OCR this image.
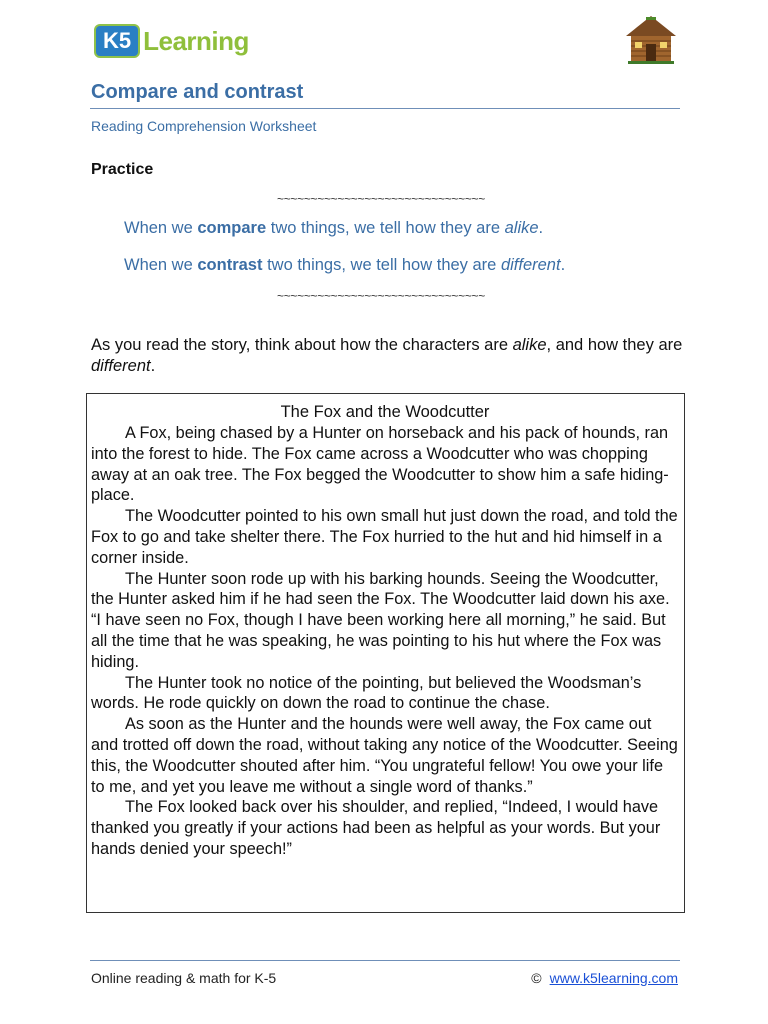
K5 Learning
Compare and contrast
Reading Comprehension Worksheet
Practice
~~~~~~~~~~~~~~~~~~~~~~~~~~~~~~~
When we compare two things, we tell how they are alike.
When we contrast two things, we tell how they are different.
~~~~~~~~~~~~~~~~~~~~~~~~~~~~~~~
As you read the story, think about how the characters are alike, and how they are different.
The Fox and the Woodcutter

A Fox, being chased by a Hunter on horseback and his pack of hounds, ran into the forest to hide. The Fox came across a Woodcutter who was chopping away at an oak tree. The Fox begged the Woodcutter to show him a safe hiding-place.

The Woodcutter pointed to his own small hut just down the road, and told the Fox to go and take shelter there. The Fox hurried to the hut and hid himself in a corner inside.

The Hunter soon rode up with his barking hounds. Seeing the Woodcutter, the Hunter asked him if he had seen the Fox. The Woodcutter laid down his axe. “I have seen no Fox, though I have been working here all morning,” he said. But all the time that he was speaking, he was pointing to his hut where the Fox was hiding.

The Hunter took no notice of the pointing, but believed the Woodsman’s words. He rode quickly on down the road to continue the chase.

As soon as the Hunter and the hounds were well away, the Fox came out and trotted off down the road, without taking any notice of the Woodcutter. Seeing this, the Woodcutter shouted after him. “You ungrateful fellow! You owe your life to me, and yet you leave me without a single word of thanks.”

The Fox looked back over his shoulder, and replied, “Indeed, I would have thanked you greatly if your actions had been as helpful as your words. But your hands denied your speech!”

Online reading & math for K-5	© www.k5learning.com
